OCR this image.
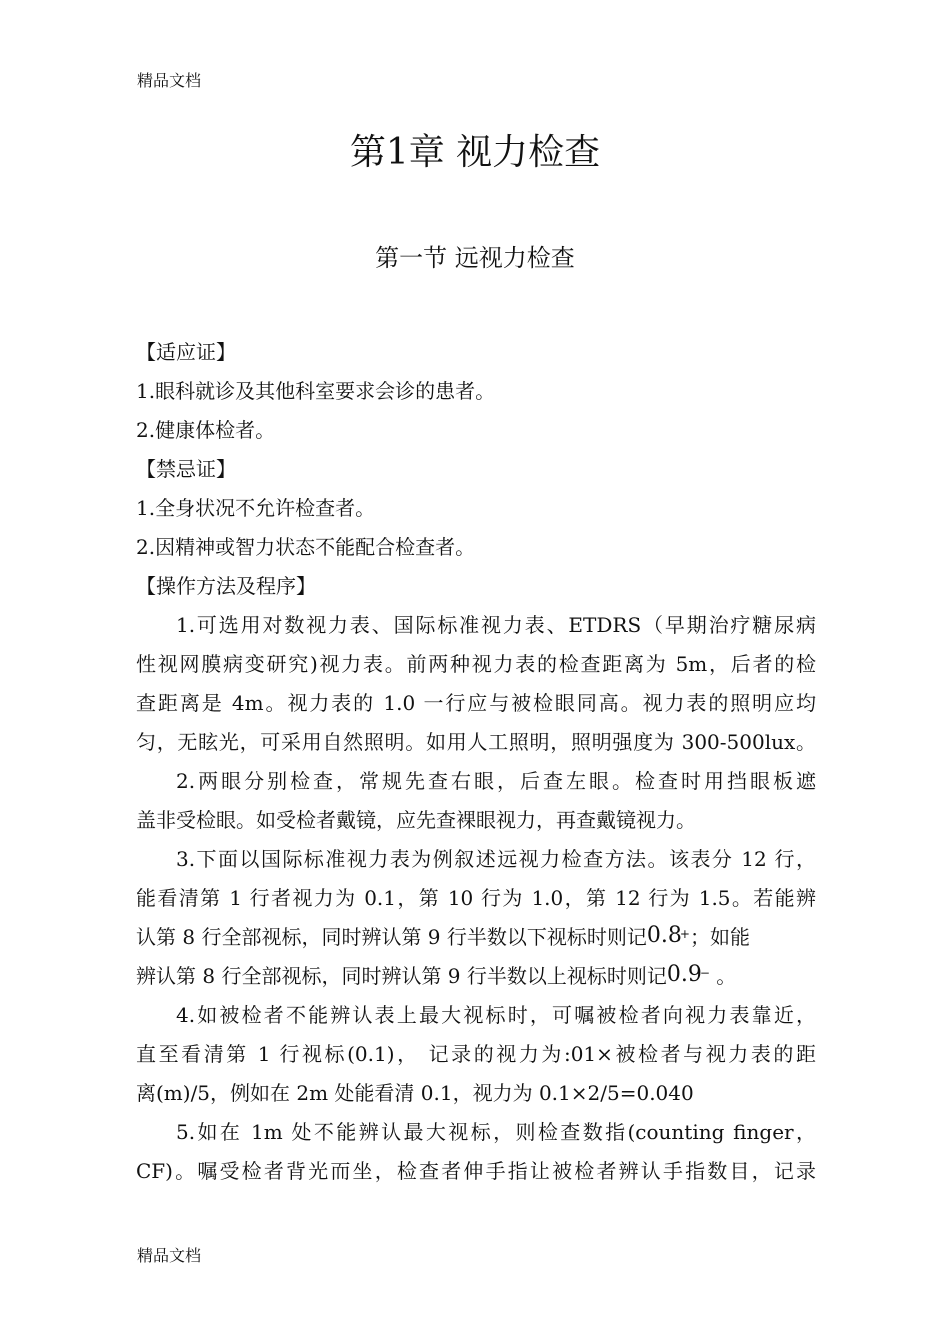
精品文档
第1章 视力检查
第一节 远视力检查
【适应证】
1.眼科就诊及其他科室要求会诊的患者。
2.健康体检者。
【禁忌证】
1.全身状况不允许检查者。
2.因精神或智力状态不能配合检查者。
【操作方法及程序】
1.可选用对数视力表、国际标准视力表、ETDRS（早期治疗糖尿病
性视网膜病变研究)视力表。前两种视力表的检查距离为 5m，后者的检
查距离是 4m。视力表的 1.0 一行应与被检眼同高。视力表的照明应均
匀，无眩光，可采用自然照明。如用人工照明，照明强度为 300-500lux。
2.两眼分别检查，常规先查右眼，后查左眼。检查时用挡眼板遮
盖非受检眼。如受检者戴镜，应先查裸眼视力，再查戴镜视力。
3.下面以国际标准视力表为例叙述远视力检查方法。该表分 12 行，
能看清第 1 行者视力为 0.1，第 10 行为 1.0，第 12 行为 1.5。若能辨
认第 8 行全部视标，同时辨认第 9 行半数以下视标时则记0.8+；如能
辨认第 8 行全部视标，同时辨认第 9 行半数以上视标时则记0.9− 。
4.如被检者不能辨认表上最大视标时，可嘱被检者向视力表靠近，
直至看清第 1 行视标(0.1)， 记录的视力为:01×被检者与视力表的距
离(m)/5，例如在 2m 处能看清 0.1，视力为 0.1×2/5=0.040
5.如在 1m 处不能辨认最大视标，则检查数指(counting finger，
CF)。嘱受检者背光而坐，检查者伸手指让被检者辨认手指数目，记录
精品文档
